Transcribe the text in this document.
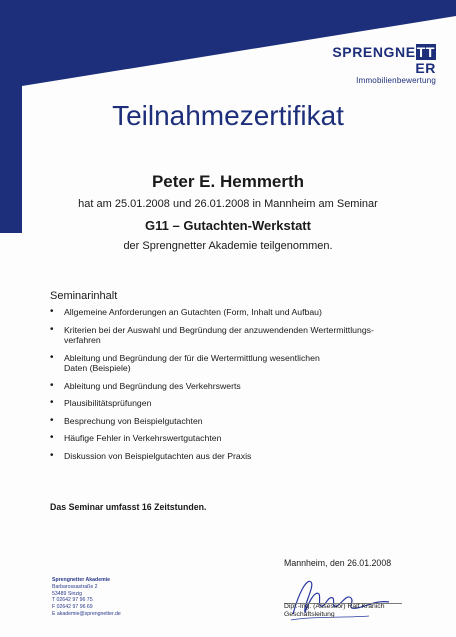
SPRENGNETTER
Immobilienbewertung
Teilnahmezertifikat
Peter E. Hemmerth
hat am 25.01.2008 und 26.01.2008 in Mannheim am Seminar
G11 – Gutachten-Werkstatt
der Sprengnetter Akademie teilgenommen.
Seminarinhalt
• Allgemeine Anforderungen an Gutachten (Form, Inhalt und Aufbau)
• Kriterien bei der Auswahl und Begründung der anzuwendenden Wertermittlungs-
verfahren
• Ableitung und Begründung der für die Wertermittlung wesentlichen
Daten (Beispiele)
• Ableitung und Begründung des Verkehrswerts
• Plausibilitätsprüfungen
• Besprechung von Beispielgutachten
• Häufige Fehler in Verkehrswertgutachten
• Diskussion von Beispielgutachten aus der Praxis
Das Seminar umfasst 16 Zeitstunden.
Mannheim, den 26.01.2008
Dipl.-Ing. (Assessor) Ralf Kranich
Geschäftsleitung
Sprengnetter Akademie
Barbarossastraße 2
53489 Sinzig
T 02642 97 96 75
F 02642 97 96 69
E akademie@sprengnetter.de
